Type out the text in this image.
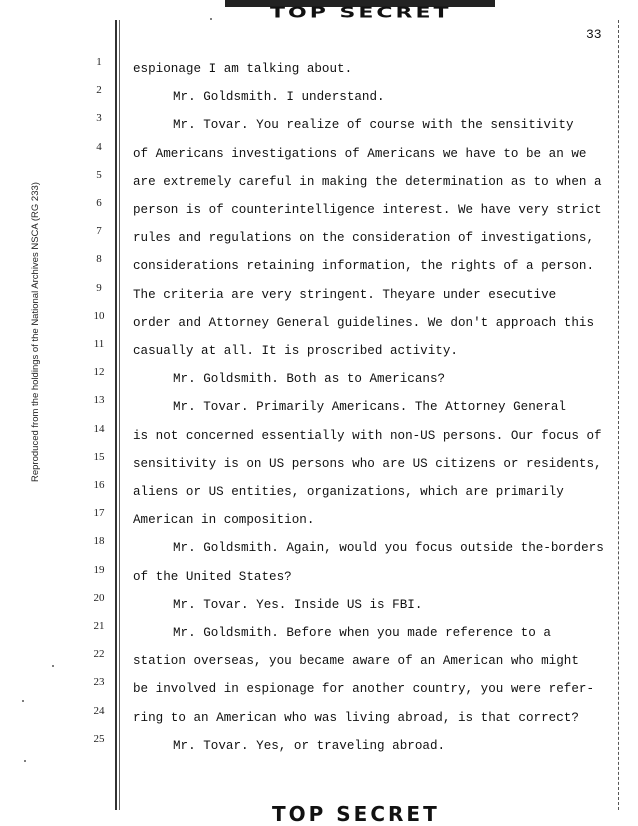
TOP SECRET
33
Reproduced from the holdings of the National Archives NSCA (RG 233)
1	espionage I am talking about.
2	Mr. Goldsmith. I understand.
3	Mr. Tovar. You realize of course with the sensitivity
4	of Americans investigations of Americans we have to be an we
5	are extremely careful in making the determination as to when a
6	person is of counterintelligence interest. We have very strict
7	rules and regulations on the consideration of investigations,
8	considerations retaining information, the rights of a person.
9	The criteria are very stringent. Theyare under esecutive
10	order and Attorney General guidelines. We don't approach this
11	casually at all. It is proscribed activity.
12	Mr. Goldsmith. Both as to Americans?
13	Mr. Tovar. Primarily Americans. The Attorney General
14	is not concerned essentially with non-US persons. Our focus of
15	sensitivity is on US persons who are US citizens or residents,
16	aliens or US entities, organizations, which are primarily
17	American in composition.
18	Mr. Goldsmith. Again, would you focus outside the-borders
19	of the United States?
20	Mr. Tovar. Yes. Inside US is FBI.
21	Mr. Goldsmith. Before when you made reference to a
22	station overseas, you became aware of an American who might
23	be involved in espionage for another country, you were refer-
24	ring to an American who was living abroad, is that correct?
25	Mr. Tovar. Yes, or traveling abroad.
TOP SECRET
